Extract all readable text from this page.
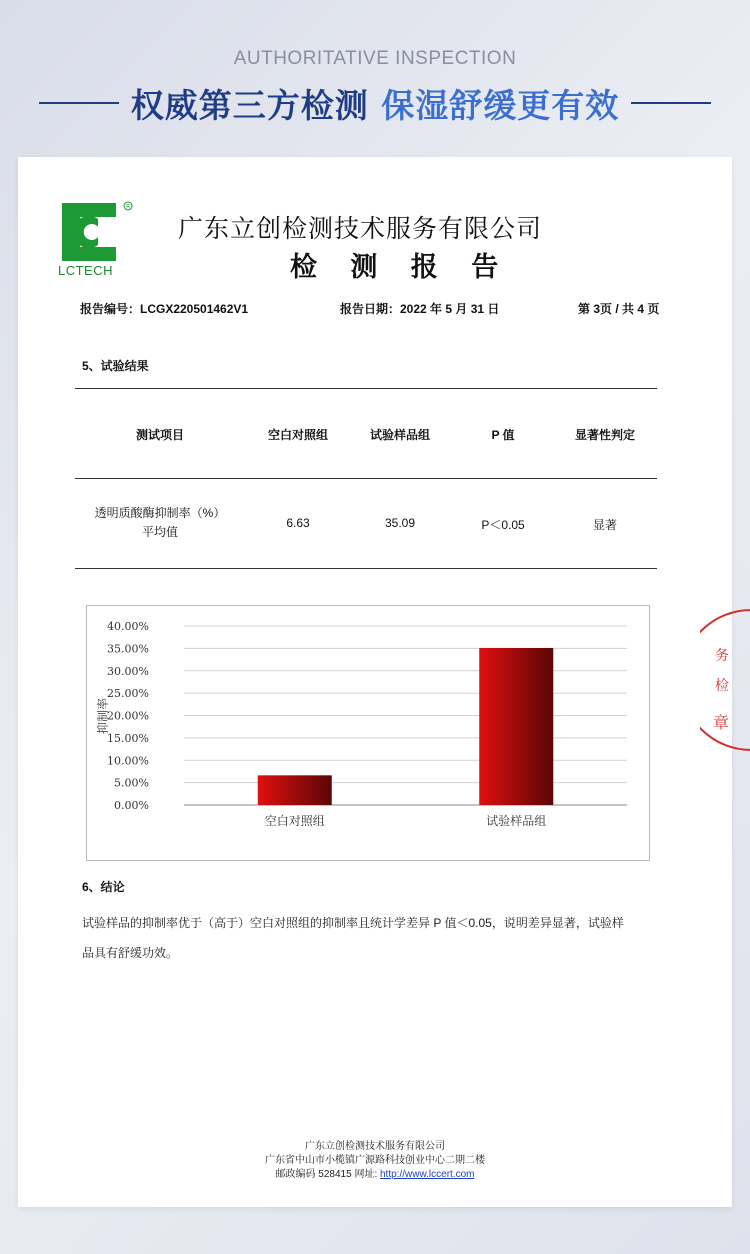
AUTHORITATIVE INSPECTION
权威第三方检测 保湿舒缓更有效
R
LCTECH
广东立创检测技术服务有限公司
检 测 报 告
报告编号：LCGX220501462V1	报告日期：2022 年 5 月 31 日	第 3页 / 共 4 页
5、试验结果
测试项目	空白对照组	试验样品组	P 值	显著性判定
透明质酸酶抑制率（%）
平均值
6.63	35.09	P＜0.05	显著
0.00%
5.00%
10.00%
15.00%
20.00%
25.00%
30.00%
35.00%
40.00%
空白对照组	试验样品组
抑制率
6、结论
试验样品的抑制率优于（高于）空白对照组的抑制率且统计学差异 P 值＜0.05，说明差异显著，试验样
品具有舒缓功效。
广东立创检测技术服务有限公司
广东省中山市小榄镇广源路科技创业中心二期二楼
邮政编码 528415 网址: http://www.lccert.com
务
检
章
